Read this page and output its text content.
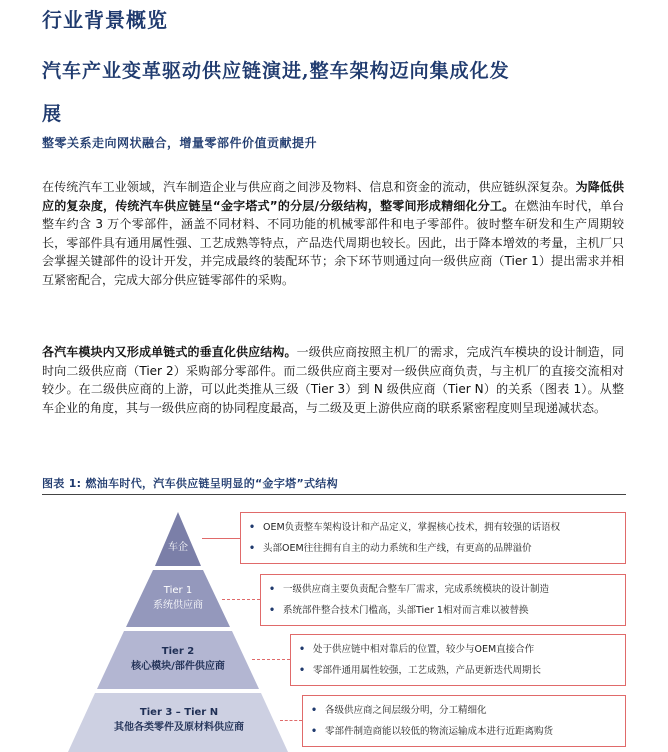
行业背景概览
汽车产业变革驱动供应链演进,整车架构迈向集成化发展
整零关系走向网状融合，增量零部件价值贡献提升
在传统汽车工业领域，汽车制造企业与供应商之间涉及物料、信息和资金的流动，供应链纵深复杂。为降低供应的复杂度，传统汽车供应链呈“金字塔式”的分层/分级结构，整零间形成精细化分工。在燃油车时代，单台整车约含 3 万个零部件，涵盖不同材料、不同功能的机械零部件和电子零部件。彼时整车研发和生产周期较长，零部件具有通用属性强、工艺成熟等特点，产品迭代周期也较长。因此，出于降本增效的考量，主机厂只会掌握关键部件的设计开发，并完成最终的装配环节；余下环节则通过向一级供应商（Tier 1）提出需求并相互紧密配合，完成大部分供应链零部件的采购。
各汽车模块内又形成单链式的垂直化供应结构。一级供应商按照主机厂的需求，完成汽车模块的设计制造，同时向二级供应商（Tier 2）采购部分零部件。而二级供应商主要对一级供应商负责，与主机厂的直接交流相对较少。在二级供应商的上游，可以此类推从三级（Tier 3）到 N 级供应商（Tier N）的关系（图表 1）。从整车企业的角度，其与一级供应商的协同程度最高，与二级及更上游供应商的联系紧密程度则呈现递减状态。
图表 1: 燃油车时代，汽车供应链呈明显的“金字塔”式结构
车企
Tier 1
系统供应商
Tier 2
核心模块/部件供应商
Tier 3 – Tier N
其他各类零件及原材料供应商
• OEM负责整车架构设计和产品定义，掌握核心技术，拥有较强的话语权
• 头部OEM往往拥有自主的动力系统和生产线，有更高的品牌溢价
• 一级供应商主要负责配合整车厂需求，完成系统模块的设计制造
• 系统部件整合技术门槛高，头部Tier 1相对而言难以被替换
• 处于供应链中相对靠后的位置，较少与OEM直接合作
• 零部件通用属性较强，工艺成熟，产品更新迭代周期长
• 各级供应商之间层级分明，分工精细化
• 零部件制造商能以较低的物流运输成本进行近距离购货
